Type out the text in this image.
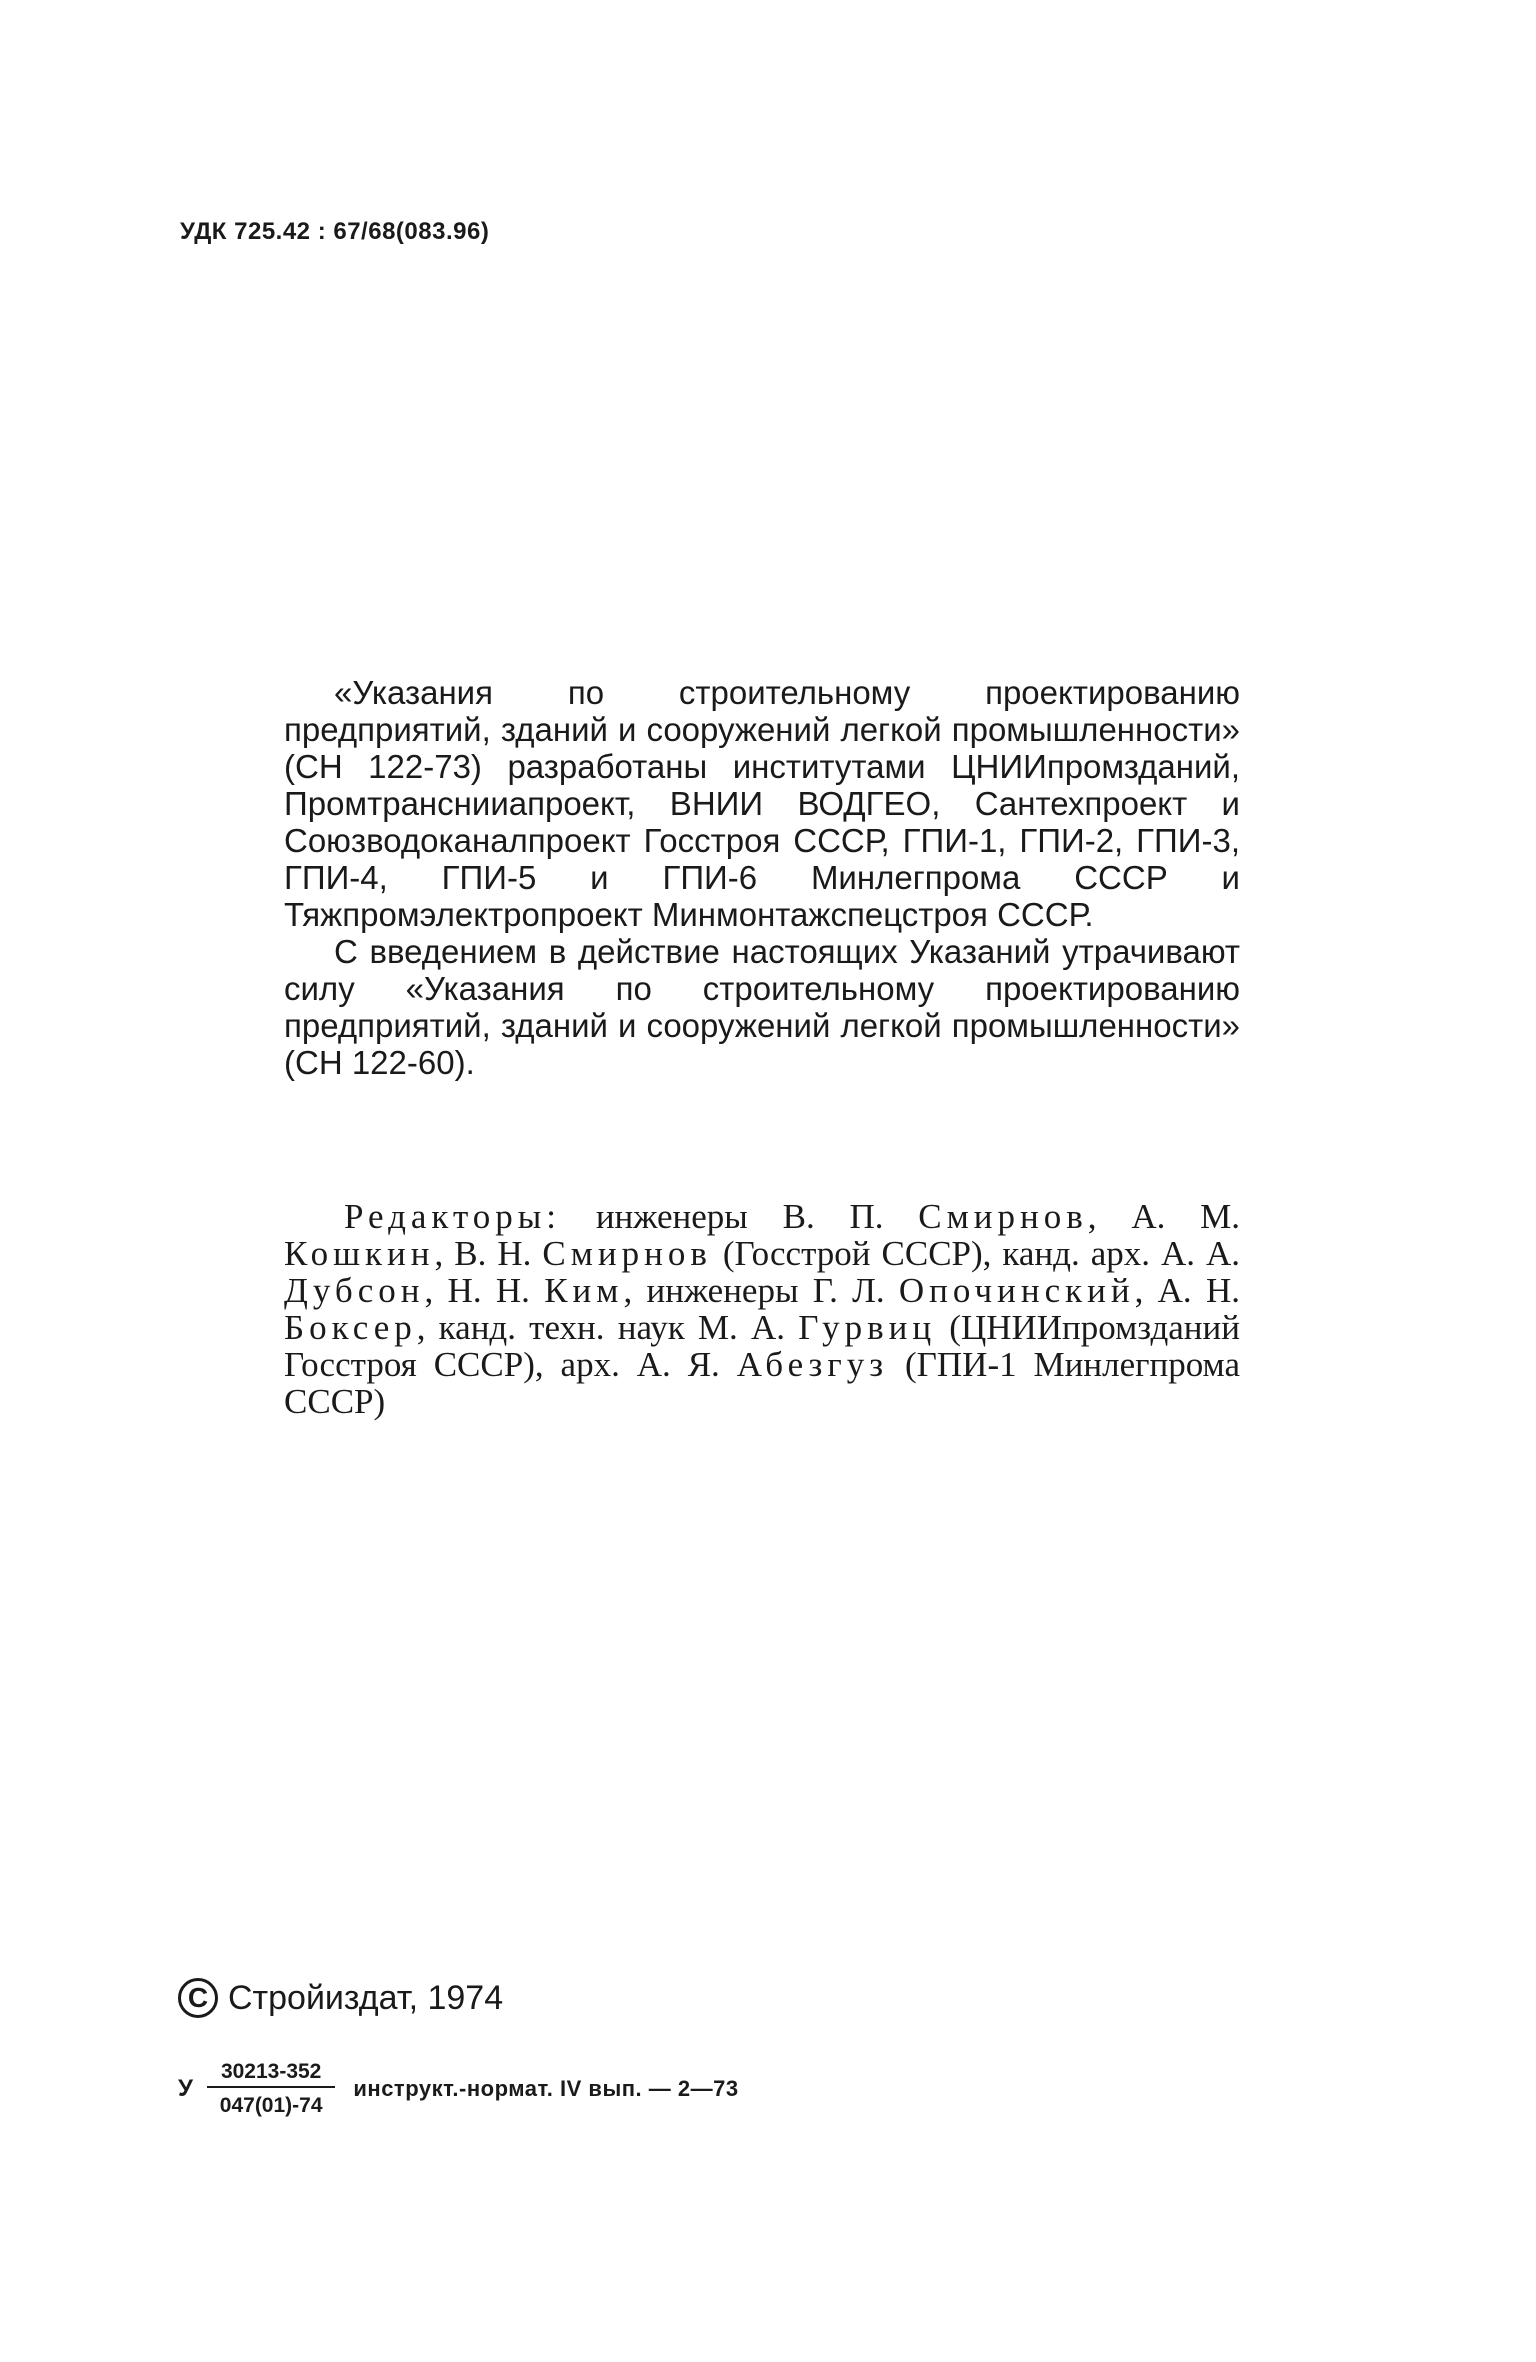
УДК 725.42 : 67/68(083.96)

«Указания по строительному проектированию предприятий, зданий и сооружений легкой промышленности» (СН 122-73) разработаны институтами ЦНИИпромзданий, Промтранснииапроект, ВНИИ ВОДГЕО, Сантехпроект и Союзводоканалпроект Госстроя СССР, ГПИ-1, ГПИ-2, ГПИ-3, ГПИ-4, ГПИ-5 и ГПИ-6 Минлегпрома СССР и Тяжпромэлектропроект Минмонтажспецстроя СССР.

С введением в действие настоящих Указаний утрачивают силу «Указания по строительному проектированию предприятий, зданий и сооружений легкой промышленности» (СН 122-60).

Редакторы: инженеры В. П. Смирнов, А. М. Кошкин, В. Н. Смирнов (Госстрой СССР), канд. арх. А. А. Дубсон, Н. Н. Ким, инженеры Г. Л. Опочинский, А. Н. Боксер, канд. техн. наук М. А. Гурвиц (ЦНИИпромзданий Госстроя СССР), арх. А. Я. Абезгуз (ГПИ-1 Минлегпрома СССР)

C Стройиздат, 1974
У $\frac{30213-352}{047(01)-74}$ инструкт.-нормат. IV вып. — 2—73
